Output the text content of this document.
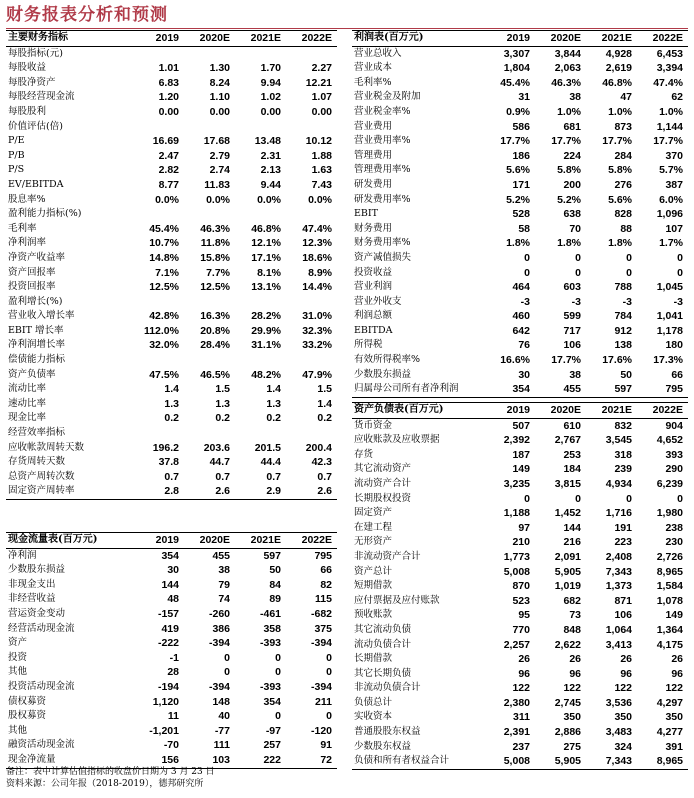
财务报表分析和预测
主要财务指标	2019	2020E	2021E	2022E
每股指标(元)				
每股收益	1.01	1.30	1.70	2.27
每股净资产	6.83	8.24	9.94	12.21
每股经营现金流	1.20	1.10	1.02	1.07
每股股利	0.00	0.00	0.00	0.00
价值评估(倍)				
P/E	16.69	17.68	13.48	10.12
P/B	2.47	2.79	2.31	1.88
P/S	2.82	2.74	2.13	1.63
EV/EBITDA	8.77	11.83	9.44	7.43
股息率%	0.0%	0.0%	0.0%	0.0%
盈利能力指标(%)				
毛利率	45.4%	46.3%	46.8%	47.4%
净利润率	10.7%	11.8%	12.1%	12.3%
净资产收益率	14.8%	15.8%	17.1%	18.6%
资产回报率	7.1%	7.7%	8.1%	8.9%
投资回报率	12.5%	12.5%	13.1%	14.4%
盈利增长(%)				
营业收入增长率	42.8%	16.3%	28.2%	31.0%
EBIT 增长率	112.0%	20.8%	29.9%	32.3%
净利润增长率	32.0%	28.4%	31.1%	33.2%
偿债能力指标				
资产负债率	47.5%	46.5%	48.2%	47.9%
流动比率	1.4	1.5	1.4	1.5
速动比率	1.3	1.3	1.3	1.4
现金比率	0.2	0.2	0.2	0.2
经营效率指标				
应收帐款周转天数	196.2	203.6	201.5	200.4
存货周转天数	37.8	44.7	44.4	42.3
总资产周转次数	0.7	0.7	0.7	0.7
固定资产周转率	2.8	2.6	2.9	2.6
利润表(百万元)	2019	2020E	2021E	2022E
营业总收入	3,307	3,844	4,928	6,453
营业成本	1,804	2,063	2,619	3,394
毛利率%	45.4%	46.3%	46.8%	47.4%
营业税金及附加	31	38	47	62
营业税金率%	0.9%	1.0%	1.0%	1.0%
营业费用	586	681	873	1,144
营业费用率%	17.7%	17.7%	17.7%	17.7%
管理费用	186	224	284	370
管理费用率%	5.6%	5.8%	5.8%	5.7%
研发费用	171	200	276	387
研发费用率%	5.2%	5.2%	5.6%	6.0%
EBIT	528	638	828	1,096
财务费用	58	70	88	107
财务费用率%	1.8%	1.8%	1.8%	1.7%
资产减值损失	0	0	0	0
投资收益	0	0	0	0
营业利润	464	603	788	1,045
营业外收支	-3	-3	-3	-3
利润总额	460	599	784	1,041
EBITDA	642	717	912	1,178
所得税	76	106	138	180
有效所得税率%	16.6%	17.7%	17.6%	17.3%
少数股东损益	30	38	50	66
归属母公司所有者净利润	354	455	597	795
资产负债表(百万元)	2019	2020E	2021E	2022E
货币资金	507	610	832	904
应收账款及应收票据	2,392	2,767	3,545	4,652
存货	187	253	318	393
其它流动资产	149	184	239	290
流动资产合计	3,235	3,815	4,934	6,239
长期股权投资	0	0	0	0
固定资产	1,188	1,452	1,716	1,980
在建工程	97	144	191	238
无形资产	210	216	223	230
非流动资产合计	1,773	2,091	2,408	2,726
资产总计	5,008	5,905	7,343	8,965
短期借款	870	1,019	1,373	1,584
应付票据及应付账款	523	682	871	1,078
预收账款	95	73	106	149
其它流动负债	770	848	1,064	1,364
流动负债合计	2,257	2,622	3,413	4,175
长期借款	26	26	26	26
其它长期负债	96	96	96	96
非流动负债合计	122	122	122	122
负债总计	2,380	2,745	3,536	4,297
实收资本	311	350	350	350
普通股股东权益	2,391	2,886	3,483	4,277
少数股东权益	237	275	324	391
负债和所有者权益合计	5,008	5,905	7,343	8,965
现金流量表(百万元)	2019	2020E	2021E	2022E
净利润	354	455	597	795
少数股东损益	30	38	50	66
非现金支出	144	79	84	82
非经营收益	48	74	89	115
营运资金变动	-157	-260	-461	-682
经营活动现金流	419	386	358	375
资产	-222	-394	-393	-394
投资	-1	0	0	0
其他	28	0	0	0
投资活动现金流	-194	-394	-393	-394
债权募资	1,120	148	354	211
股权募资	11	40	0	0
其他	-1,201	-77	-97	-120
融资活动现金流	-70	111	257	91
现金净流量	156	103	222	72
备注：表中计算估值指标的收盘价日期为 3 月 23 日
资料来源：公司年报（2018-2019），德邦研究所
